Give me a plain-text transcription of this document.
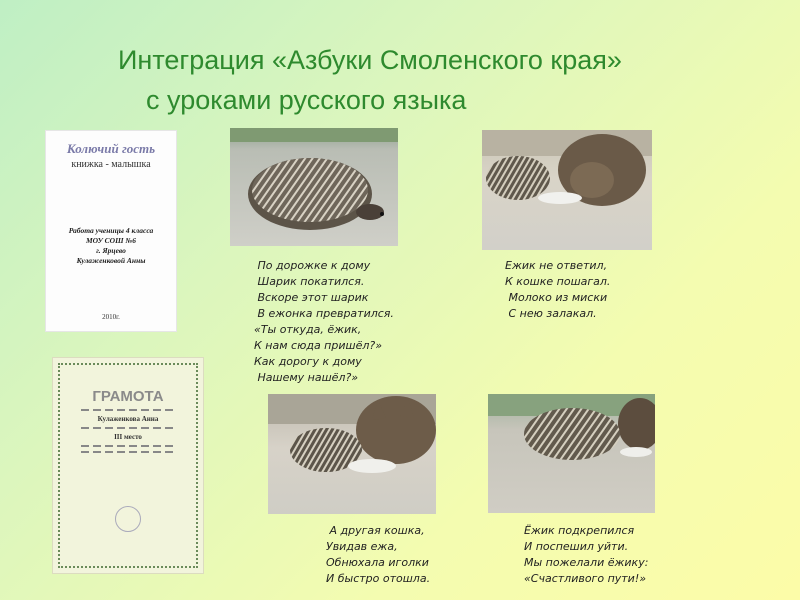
Интеграция «Азбуки Смоленского края»
с уроками русского языка
Колючий гость
книжка - малышка
Работа ученицы 4 класса
МОУ СОШ №6
г. Ярцево
Кулаженковой Анны
2010г.
ГРАМОТА
Кулаженкова Анна
III место
По дорожке к дому
Шарик покатился.
Вскоре этот шарик
В ежонка превратился.
«Ты откуда, ёжик,
К нам сюда пришёл?»
Как дорогу к дому
Нашему нашёл?»
Ежик не ответил,
К кошке пошагал.
Молоко из миски
С нею залакал.
А другая кошка,
Увидав ежа,
Обнюхала иголки
И быстро отошла.
Ёжик подкрепился
И поспешил уйти.
Мы пожелали ёжику:
«Счастливого пути!»
